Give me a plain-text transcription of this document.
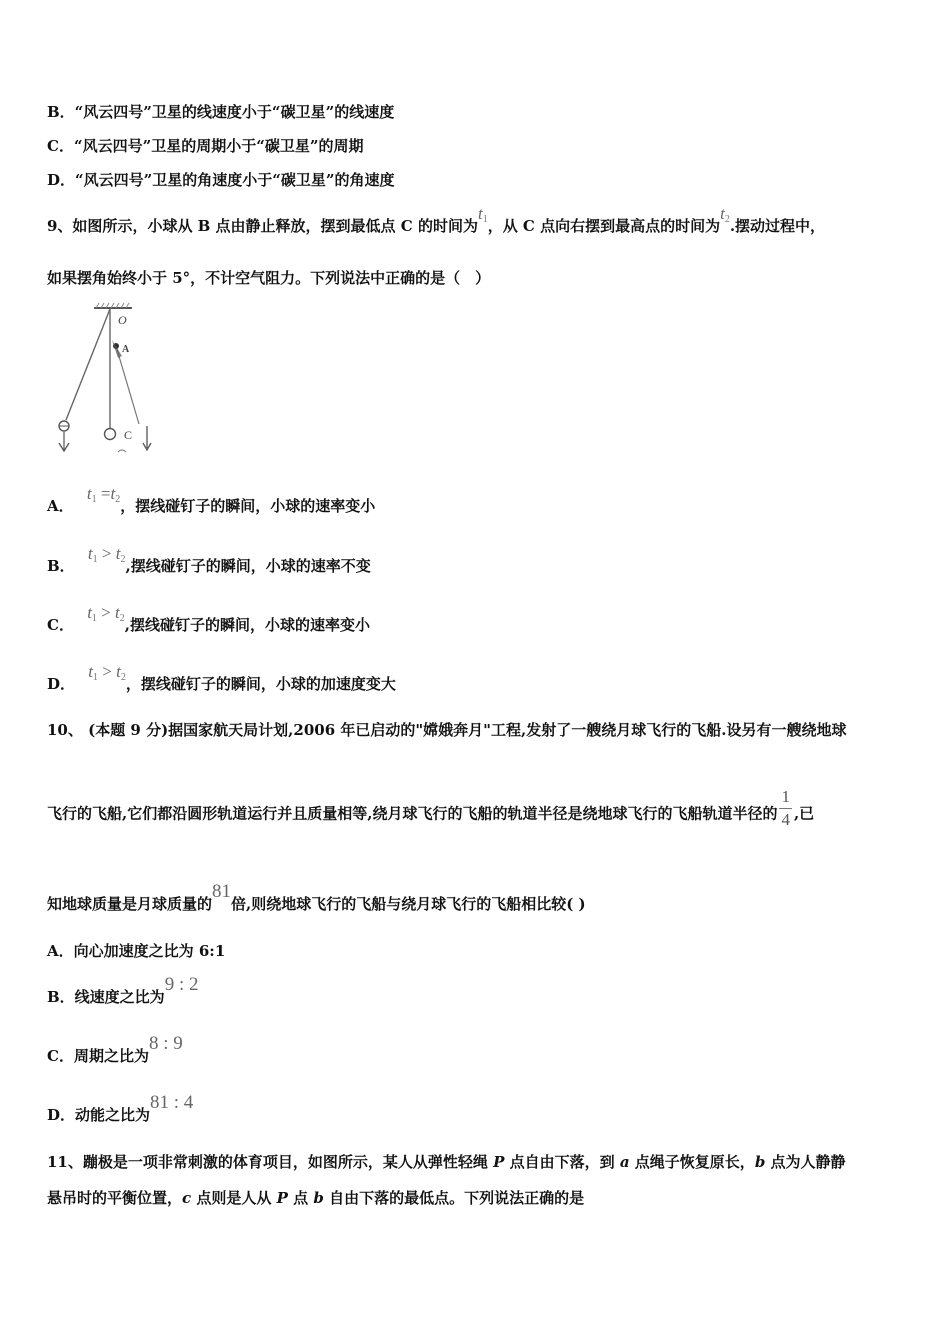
B．“风云四号”卫星的线速度小于“碳卫星”的线速度
C．“风云四号”卫星的周期小于“碳卫星”的周期
D．“风云四号”卫星的角速度小于“碳卫星”的角速度
9、如图所示，小球从 B 点由静止释放，摆到最低点 C 的时间为$t_1$，从 C 点向右摆到最高点的时间为$t_2$.摆动过程中，
如果摆角始终小于 5°，不计空气阻力。下列说法中正确的是（　）
O
A
C
A． $t_1 =t_2$，摆线碰钉子的瞬间，小球的速率变小
B． $t_1 > t_2$,摆线碰钉子的瞬间，小球的速率不变
C． $t_1 > t_2$,摆线碰钉子的瞬间，小球的速率变小
D． $t_1 > t_2$，摆线碰钉子的瞬间，小球的加速度变大
10、 (本题 9 分)据国家航天局计划,2006 年已启动的"嫦娥奔月"工程,发射了一艘绕月球飞行的飞船.设另有一艘绕地球
飞行的飞船,它们都沿圆形轨道运行并且质量相等,绕月球飞行的飞船的轨道半径是绕地球飞行的飞船轨道半径的 $\frac{1}{4}$ ,已
知地球质量是月球质量的81倍,则绕地球飞行的飞船与绕月球飞行的飞船相比较( )
A．向心加速度之比为 6:1
B．线速度之比为9 : 2
C．周期之比为8 : 9
D．动能之比为81 : 4
11、蹦极是一项非常刺激的体育项目，如图所示，某人从弹性轻绳 P 点自由下落，到 a 点绳子恢复原长，b 点为人静静
悬吊时的平衡位置，c 点则是人从 P 点 b 自由下落的最低点。下列说法正确的是
